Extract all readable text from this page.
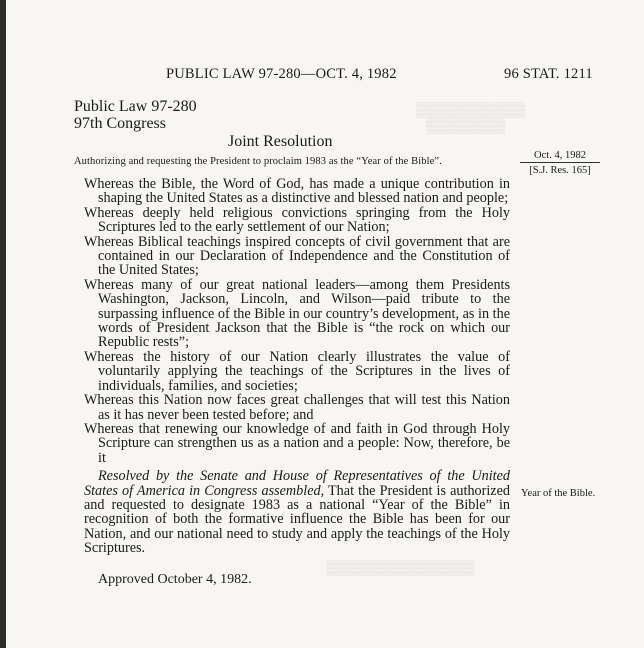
▒▒▒▒▒▒▒▒▒▒▒
▒▒▒▒▒▒▒▒
▒▒▒▒▒▒▒▒▒▒▒▒▒▒▒
PUBLIC LAW 97-280—OCT. 4, 1982	96 STAT. 1211
Public Law 97-280
97th Congress
Joint Resolution
Authorizing and requesting the President to proclaim 1983 as the “Year of the Bible”.
Oct. 4, 1982
[S.J. Res. 165]

Whereas the Bible, the Word of God, has made a unique contribution in shaping the United States as a distinctive and blessed nation and people;

Whereas deeply held religious convictions springing from the Holy Scriptures led to the early settlement of our Nation;

Whereas Biblical teachings inspired concepts of civil government that are contained in our Declaration of Independence and the Constitution of the United States;

Whereas many of our great national leaders—among them Presidents Washington, Jackson, Lincoln, and Wilson—paid tribute to the surpassing influence of the Bible in our country’s development, as in the words of President Jackson that the Bible is “the rock on which our Republic rests”;

Whereas the history of our Nation clearly illustrates the value of voluntarily applying the teachings of the Scriptures in the lives of individuals, families, and societies;

Whereas this Nation now faces great challenges that will test this Nation as it has never been tested before; and

Whereas that renewing our knowledge of and faith in God through Holy Scripture can strengthen us as a nation and a people: Now, therefore, be it

Resolved by the Senate and House of Representatives of the United States of America in Congress assembled, That the President is authorized and requested to designate 1983 as a national “Year of the Bible” in recognition of both the formative influence the Bible has been for our Nation, and our national need to study and apply the teachings of the Holy Scriptures.

Year of the Bible.
Approved October 4, 1982.
